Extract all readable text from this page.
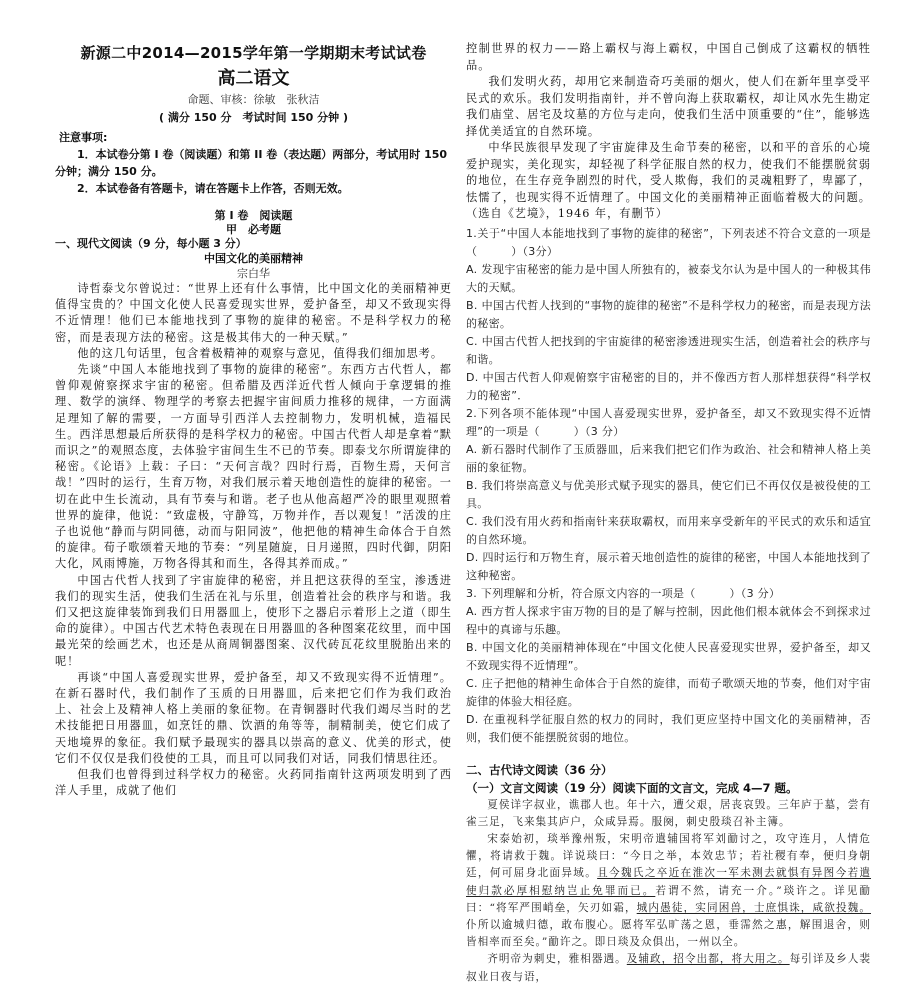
新源二中2014—2015学年第一学期期末考试试卷
高二语文
命题、审核：徐敏　张秋洁
( 满分 150 分　考试时间 150 分钟 )
注意事项:
1．本试卷分第 I 卷（阅读题）和第 II 卷（表达题）两部分，考试用时 150 分钟；满分 150 分。
2．本试卷备有答题卡，请在答题卡上作答，否则无效。
第 I 卷　阅读题
甲　必考题
一、现代文阅读（9 分，每小题 3 分）
中国文化的美丽精神
宗白华

诗哲泰戈尔曾说过：“世界上还有什么事情，比中国文化的美丽精神更值得宝贵的？中国文化使人民喜爱现实世界，爱护备至，却又不致现实得不近情理！他们已本能地找到了事物的旋律的秘密。不是科学权力的秘密，而是表现方法的秘密。这是极其伟大的一种天赋。”

他的这几句话里，包含着极精神的观察与意见，值得我们细加思考。

先谈“中国人本能地找到了事物的旋律的秘密”。东西方古代哲人，都曾仰观俯察探求宇宙的秘密。但希腊及西洋近代哲人倾向于拿逻辑的推理、数学的演绎、物理学的考察去把握宇宙间质力推移的规律，一方面满足理知了解的需要，一方面导引西洋人去控制物力，发明机械，造福民生。西洋思想最后所获得的是科学权力的秘密。中国古代哲人却是拿着“默而识之”的观照态度，去体验宇宙间生生不已的节奏。即泰戈尔所谓旋律的秘密。《论语》上载：子曰：“天何言哉？四时行焉，百物生焉，天何言哉！”四时的运行，生育万物，对我们展示着天地创造性的旋律的秘密。一切在此中生长流动，具有节奏与和谐。老子也从他高超严冷的眼里观照着世界的旋律，他说：“致虚极，守静笃，万物并作，吾以观复！”活泼的庄子也说他“静而与阴同德，动而与阳同波”，他把他的精神生命体合于自然的旋律。荀子歌颂着天地的节奏：“列星随旋，日月递照，四时代御，阴阳大化，风雨博施，万物各得其和而生，各得其养而成。”

中国古代哲人找到了宇宙旋律的秘密，并且把这获得的至宝，渗透进我们的现实生活，使我们生活在礼与乐里，创造着社会的秩序与和谐。我们又把这旋律装饰到我们日用器皿上，使形下之器启示着形上之道（即生命的旋律）。中国古代艺术特色表现在日用器皿的各种图案花纹里，而中国最光荣的绘画艺术，也还是从商周铜器图案、汉代砖瓦花纹里脱胎出来的呢！

再谈“中国人喜爱现实世界，爱护备至，却又不致现实得不近情理”。在新石器时代，我们制作了玉质的日用器皿，后来把它们作为我们政治上、社会上及精神人格上美丽的象征物。在青铜器时代我们竭尽当时的艺术技能把日用器皿，如烹饪的鼎、饮酒的角等等，制精制美，使它们成了天地境界的象征。我们赋予最现实的器具以崇高的意义、优美的形式，使它们不仅仅是我们役使的工具，而且可以同我们对话，同我们情思往还。

但我们也曾得到过科学权力的秘密。火药同指南针这两项发明到了西洋人手里，成就了他们

控制世界的权力——路上霸权与海上霸权，中国自己倒成了这霸权的牺牲品。

我们发明火药，却用它来制造奇巧美丽的烟火，使人们在新年里享受平民式的欢乐。我们发明指南针，并不曾向海上获取霸权，却让风水先生勘定我们庙堂、居宅及坟墓的方位与走向，使我们生活中顶重要的“住”，能够选择优美适宜的自然环境。

中华民族很早发现了宇宙旋律及生命节奏的秘密，以和平的音乐的心境爱护现实，美化现实，却轻视了科学征服自然的权力，使我们不能摆脱贫弱的地位，在生存竞争剧烈的时代，受人欺侮，我们的灵魂粗野了，卑鄙了，怯懦了，也现实得不近情理了。中国文化的美丽精神正面临着极大的问题。 （选自《艺境》，1946 年，有删节）

1.关于“中国人本能地找到了事物的旋律的秘密”，下列表述不符合文意的一项是（　　　）（3分）
A. 发现宇宙秘密的能力是中国人所独有的，被泰戈尔认为是中国人的一种极其伟大的天赋。
B. 中国古代哲人找到的“事物的旋律的秘密”不是科学权力的秘密，而是表现方法的秘密。
C. 中国古代哲人把找到的宇宙旋律的秘密渗透进现实生活，创造着社会的秩序与和谐。
D. 中国古代哲人仰观俯察宇宙秘密的目的，并不像西方哲人那样想获得“科学权力的秘密”．
2.下列各项不能体现“中国人喜爱现实世界，爱护备至，却又不致现实得不近情理”的一项是（　　　）（3 分）
A. 新石器时代制作了玉质器皿，后来我们把它们作为政治、社会和精神人格上美丽的象征物。
B. 我们将崇高意义与优美形式赋予现实的器具，使它们已不再仅仅是被役使的工具。
C. 我们没有用火药和指南针来获取霸权，而用来享受新年的平民式的欢乐和适宜的自然环境。
D. 四时运行和万物生育，展示着天地创造性的旋律的秘密，中国人本能地找到了这种秘密。
3. 下列理解和分析，符合原文内容的一项是（　　　）（3 分）
A. 西方哲人探求宇宙万物的目的是了解与控制，因此他们根本就体会不到探求过程中的真谛与乐趣。
B. 中国文化的美丽精神体现在“中国文化使人民喜爱现实世界，爱护备至，却又不致现实得不近情理”。
C. 庄子把他的精神生命体合于自然的旋律，而荀子歌颂天地的节奏，他们对宇宙旋律的体验大相径庭。
D. 在重视科学征服自然的权力的同时，我们更应坚持中国文化的美丽精神，否则，我们便不能摆脱贫弱的地位。
二、古代诗文阅读（36 分）
（一）文言文阅读（19 分）阅读下面的文言文，完成 4—7 题。

夏侯详字叔业，谯郡人也。年十六，遭父艰，居丧哀毁。三年庐于墓，尝有雀三足，飞来集其庐户，众咸异焉。服阕，刺史殷琰召补主簿。

宋泰始初，琰举豫州叛，宋明帝遣辅国将军刘勔讨之，攻守连月，人情危懼，将请救于魏。详说琰曰：“今日之举，本效忠节；若社稷有奉，便归身朝廷，何可屈身北面异域。且今魏氏之卒近在淮次一军未测去就惧有异图今若遣使归款必厚相慰纳岂止免罪而已。若谓不然，请充一介。”琰许之。详见勔曰：“将军严围峭垒，矢刃如霜，城内愚徒，实同困兽，士庶惧诛，咸欲投魏。仆所以逾城归德，敢布腹心。愿将军弘旷荡之恩，垂霈然之惠，解围退舍，则皆相率而至矣。”勔许之。即日琰及众俱出，一州以全。

齐明帝为刺史，雅相器遇。及辅政，招令出都，将大用之。每引详及乡人裴叔业日夜与语，
